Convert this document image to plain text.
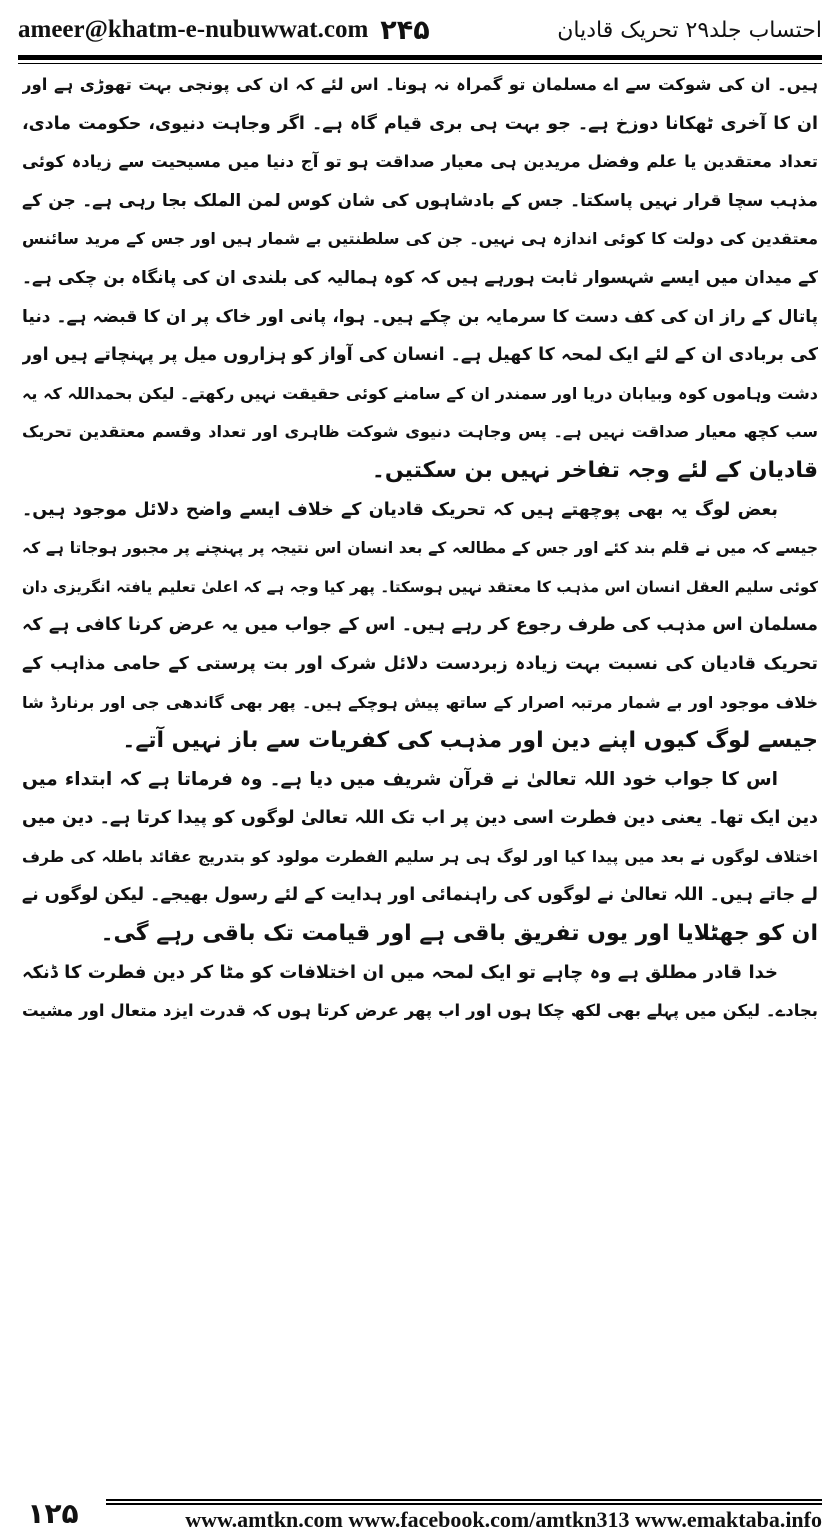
ameer@khatm-e-nubuwwat.com ۲۴۵	احتساب جلد۲۹ تحریک قادیان
ہیں۔ ان کی شوکت سے اے مسلمان تو گمراہ نہ ہونا۔ اس لئے کہ ان کی پونجی بہت تھوڑی ہے اور
ان کا آخری ٹھکانا دوزخ ہے۔ جو بہت ہی بری قیام گاہ ہے۔ اگر وجاہت دنیوی، حکومت مادی،
تعداد معتقدین یا علم وفضل مریدین ہی معیار صداقت ہو تو آج دنیا میں مسیحیت سے زیادہ کوئی
مذہب سچا قرار نہیں پاسکتا۔ جس کے بادشاہوں کی شان کوس لمن الملک بجا رہی ہے۔ جن کے
معتقدین کی دولت کا کوئی اندازہ ہی نہیں۔ جن کی سلطنتیں بے شمار ہیں اور جس کے مرید سائنس
کے میدان میں ایسے شہسوار ثابت ہورہے ہیں کہ کوہ ہمالیہ کی بلندی ان کی پانگاہ بن چکی ہے۔
پاتال کے راز ان کی کف دست کا سرمایہ بن چکے ہیں۔ ہوا، پانی اور خاک پر ان کا قبضہ ہے۔ دنیا
کی بربادی ان کے لئے ایک لمحہ کا کھیل ہے۔ انسان کی آواز کو ہزاروں میل پر پہنچاتے ہیں اور
دشت وہاموں کوہ وبیابان دریا اور سمندر ان کے سامنے کوئی حقیقت نہیں رکھتے۔ لیکن بحمداللہ کہ یہ
سب کچھ معیار صداقت نہیں ہے۔ پس وجاہت دنیوی شوکت ظاہری اور تعداد وقسم معتقدین تحریک
قادیان کے لئے وجہ تفاخر نہیں بن سکتیں۔
بعض لوگ یہ بھی پوچھتے ہیں کہ تحریک قادیان کے خلاف ایسے واضح دلائل موجود ہیں۔
جیسے کہ میں نے قلم بند کئے اور جس کے مطالعہ کے بعد انسان اس نتیجہ پر پہنچنے پر مجبور ہوجاتا ہے کہ
کوئی سلیم العقل انسان اس مذہب کا معتقد نہیں ہوسکتا۔ پھر کیا وجہ ہے کہ اعلیٰ تعلیم یافتہ انگریزی دان
مسلمان اس مذہب کی طرف رجوع کر رہے ہیں۔ اس کے جواب میں یہ عرض کرنا کافی ہے کہ
تحریک قادیان کی نسبت بہت زیادہ زبردست دلائل شرک اور بت پرستی کے حامی مذاہب کے
خلاف موجود اور بے شمار مرتبہ اصرار کے ساتھ پیش ہوچکے ہیں۔ پھر بھی گاندھی جی اور برنارڈ شا
جیسے لوگ کیوں اپنے دین اور مذہب کی کفریات سے باز نہیں آتے۔
اس کا جواب خود اللہ تعالیٰ نے قرآن شریف میں دیا ہے۔ وہ فرماتا ہے کہ ابتداء میں
دین ایک تھا۔ یعنی دین فطرت اسی دین پر اب تک اللہ تعالیٰ لوگوں کو پیدا کرتا ہے۔ دین میں
اختلاف لوگوں نے بعد میں پیدا کیا اور لوگ ہی ہر سلیم الفطرت مولود کو بتدریج عقائد باطلہ کی طرف
لے جاتے ہیں۔ اللہ تعالیٰ نے لوگوں کی راہنمائی اور ہدایت کے لئے رسول بھیجے۔ لیکن لوگوں نے
ان کو جھٹلایا اور یوں تفریق باقی ہے اور قیامت تک باقی رہے گی۔
خدا قادر مطلق ہے وہ چاہے تو ایک لمحہ میں ان اختلافات کو مٹا کر دین فطرت کا ڈنکہ
بجادے۔ لیکن میں پہلے بھی لکھ چکا ہوں اور اب پھر عرض کرتا ہوں کہ قدرت ایزد متعال اور مشیت
۱۲۵	www.amtkn.com www.facebook.com/amtkn313 www.emaktaba.info
